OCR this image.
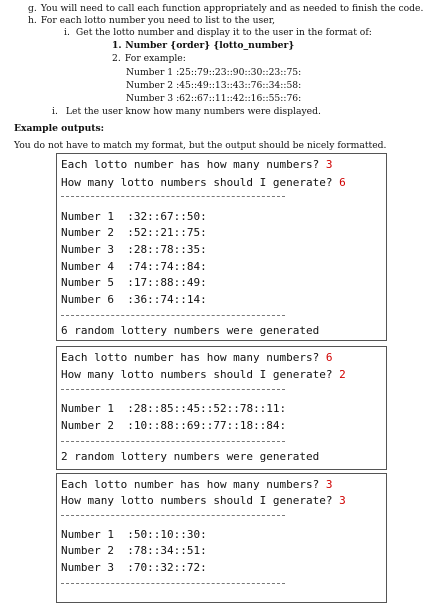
g. You will need to call each function appropriately and as needed to finish the code.
h. For each lotto number you need to list to the user,
i. Get the lotto number and display it to the user in the format of:
1. Number {order} {lotto_number}
2. For example:
Number 1 :25::79::23::90::30::23::75:
Number 2 :45::49::13::43::76::34::58:
Number 3 :62::67::11::42::16::55::76:
i. Let the user know how many numbers were displayed.
Example outputs:
You do not have to match my format, but the output should be nicely formatted.
Each lotto number has how many numbers? 3
How many lotto numbers should I generate? 6
Number 1 :32::67::50:
Number 2 :52::21::75:
Number 3 :28::78::35:
Number 4 :74::74::84:
Number 5 :17::88::49:
Number 6 :36::74::14:
6 random lottery numbers were generated
Each lotto number has how many numbers? 6
How many lotto numbers should I generate? 2
Number 1 :28::85::45::52::78::11:
Number 2 :10::88::69::77::18::84:
2 random lottery numbers were generated
Each lotto number has how many numbers? 3
How many lotto numbers should I generate? 3
Number 1 :50::10::30:
Number 2 :78::34::51:
Number 3 :70::32::72:
